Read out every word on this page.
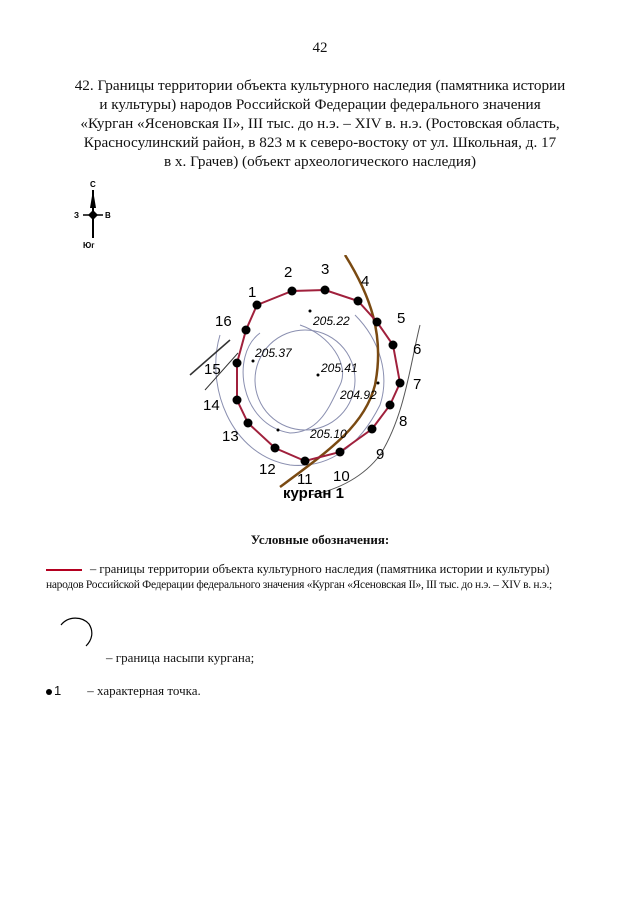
42
42. Границы территории объекта культурного наследия (памятника истории
и культуры) народов Российской Федерации федерального значения
«Курган «Ясеновская II», III тыс. до н.э. – XIV в. н.э. (Ростовская область,
Красносулинский район, в 823 м к северо-востоку от ул. Школьная, д. 17
в х. Грачев) (объект археологического наследия)
С
З	В
Юг
1
2 3
4
5
6
7
8
9
10
11
12
13
14
15
16	205.22
205.37
205.41
204.92
205.10
курган 1
Условные обозначения:
– границы территории объекта культурного наследия (памятника истории и культуры)
народов Российской Федерации федерального значения «Курган «Ясеновская II», III тыс. до н.э. – XIV в. н.э.;
– граница насыпи кургана;
1 – характерная точка.
